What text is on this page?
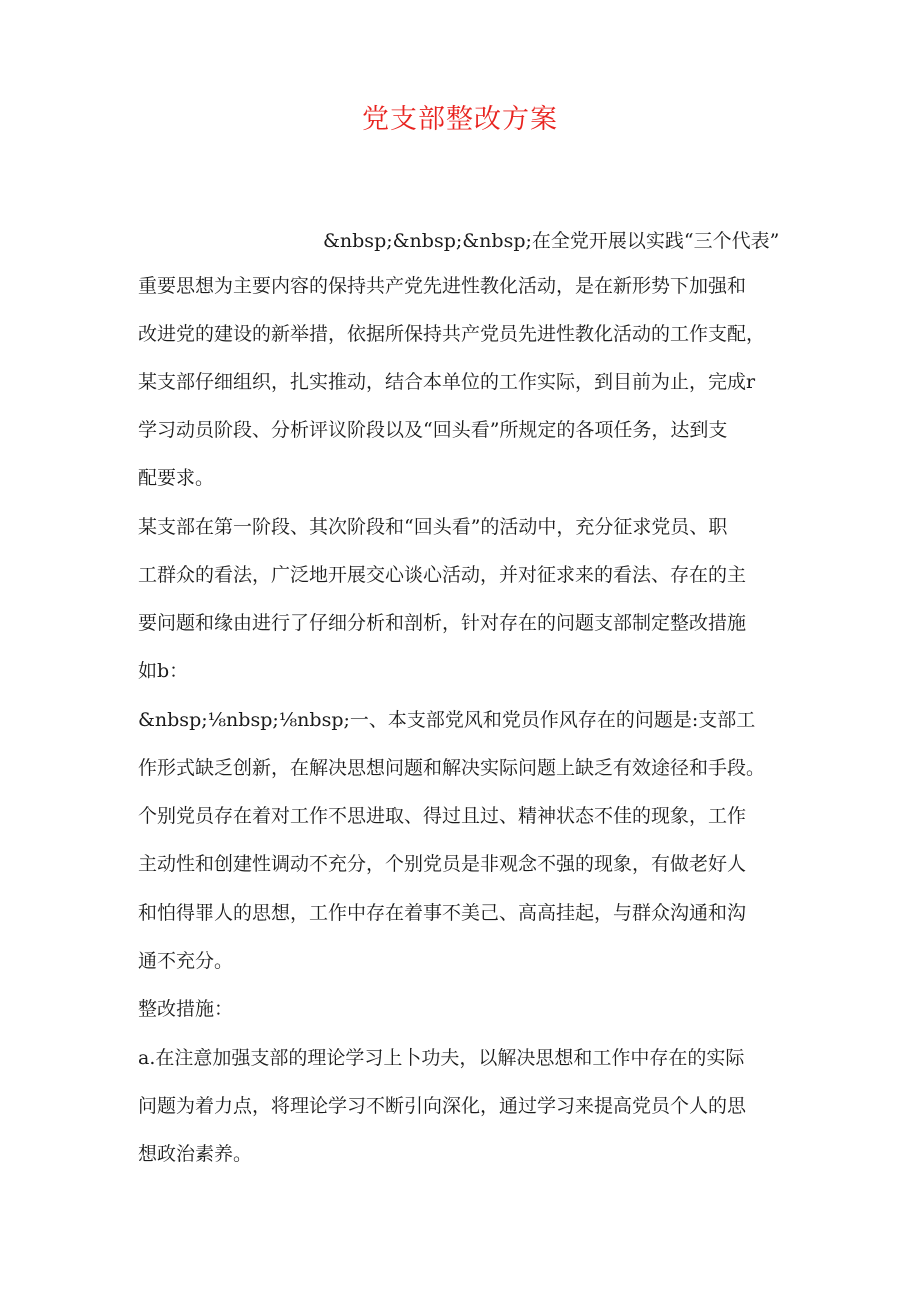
党支部整改方案
&nbsp;&nbsp;&nbsp;在全党开展以实践“三个代表”
重要思想为主要内容的保持共产党先进性教化活动，是在新形势下加强和
改进党的建设的新举措，依据所保持共产党员先进性教化活动的工作支配，
某支部仔细组织，扎实推动，结合本单位的工作实际，到目前为止，完成r
学习动员阶段、分析评议阶段以及“回头看”所规定的各项任务，达到支
配要求。
某支部在第一阶段、其次阶段和“回头看”的活动中，充分征求党员、职
工群众的看法，广泛地开展交心谈心活动，并对征求来的看法、存在的主
要问题和缘由进行了仔细分析和剖析，针对存在的问题支部制定整改措施
如b：
&nbsp;⅛nbsp;⅛nbsp;一、本支部党风和党员作风存在的问题是:支部工
作形式缺乏创新，在解决思想问题和解决实际问题上缺乏有效途径和手段。
个别党员存在着对工作不思进取、得过且过、精神状态不佳的现象，工作
主动性和创建性调动不充分，个别党员是非观念不强的现象，有做老好人
和怕得罪人的思想，工作中存在着事不美己、高高挂起，与群众沟通和沟
通不充分。
整改措施：
a.在注意加强支部的理论学习上卜功夫，以解决思想和工作中存在的实际
问题为着力点，将理论学习不断引向深化，通过学习来提高党员个人的思
想政治素养。
